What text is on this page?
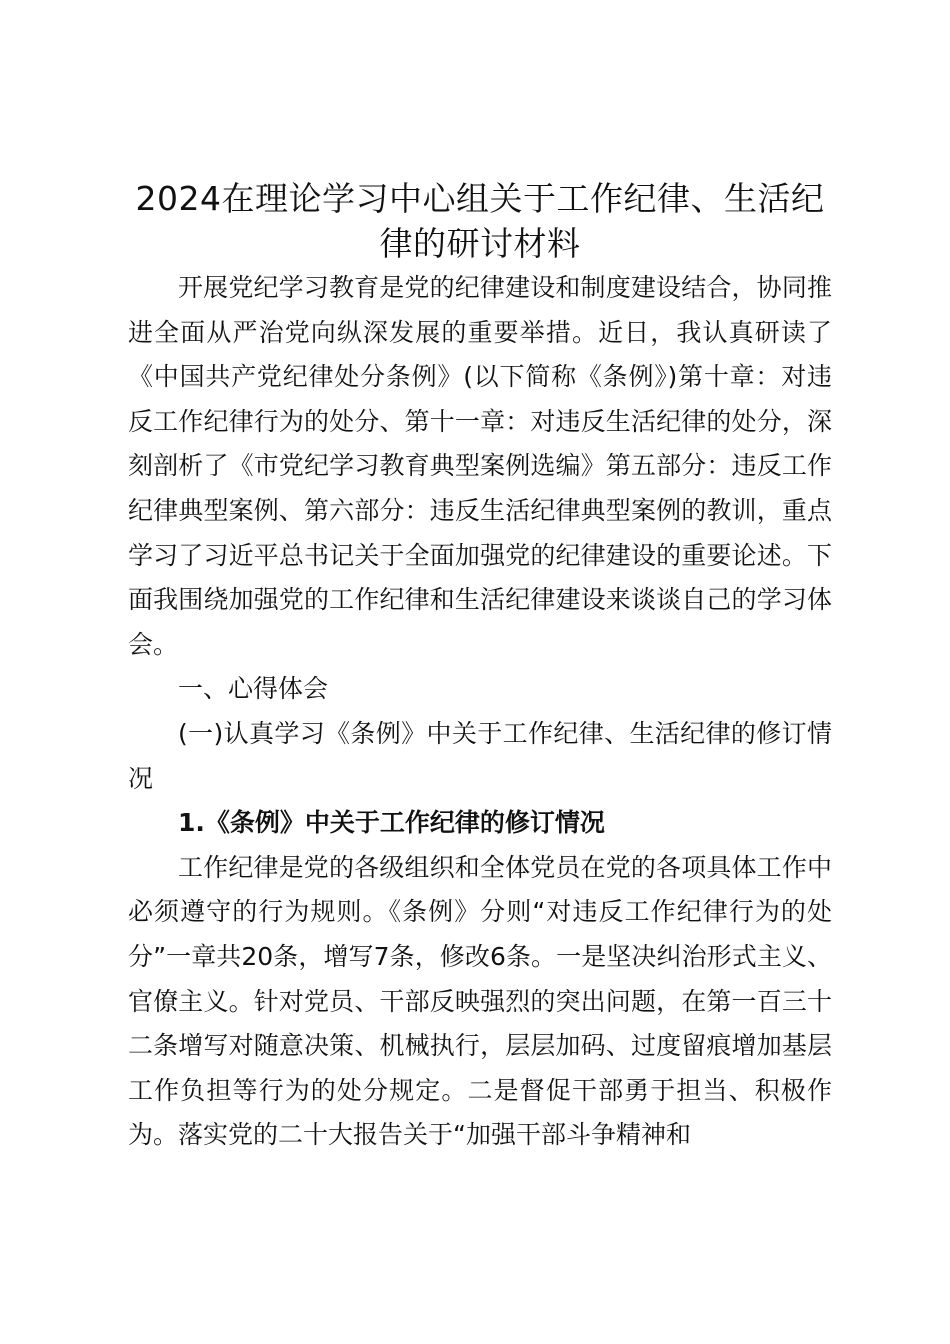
2024在理论学习中心组关于工作纪律、生活纪律的研讨材料

开展党纪学习教育是党的纪律建设和制度建设结合，协同推进全面从严治党向纵深发展的重要举措。近日，我认真研读了《中国共产党纪律处分条例》(以下简称《条例》)第十章：对违反工作纪律行为的处分、第十一章：对违反生活纪律的处分，深刻剖析了《市党纪学习教育典型案例选编》第五部分：违反工作纪律典型案例、第六部分：违反生活纪律典型案例的教训，重点学习了习近平总书记关于全面加强党的纪律建设的重要论述。下面我围绕加强党的工作纪律和生活纪律建设来谈谈自己的学习体会。

一、心得体会

(一)认真学习《条例》中关于工作纪律、生活纪律的修订情况

1.《条例》中关于工作纪律的修订情况

工作纪律是党的各级组织和全体党员在党的各项具体工作中必须遵守的行为规则。《条例》分则“对违反工作纪律行为的处分”一章共20条，增写7条，修改6条。一是坚决纠治形式主义、官僚主义。针对党员、干部反映强烈的突出问题，在第一百三十二条增写对随意决策、机械执行，层层加码、过度留痕增加基层工作负担等行为的处分规定。二是督促干部勇于担当、积极作为。落实党的二十大报告关于“加强干部斗争精神和
